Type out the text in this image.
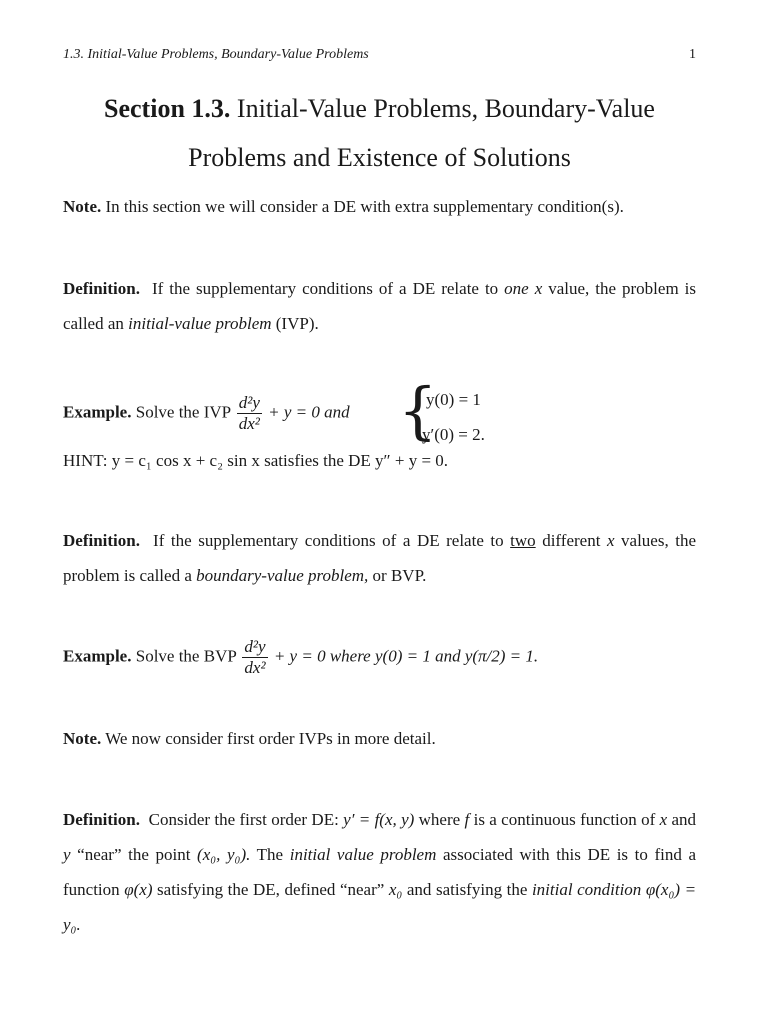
1.3. Initial-Value Problems, Boundary-Value Problems	1
Section 1.3. Initial-Value Problems, Boundary-Value
Problems and Existence of Solutions
Note. In this section we will consider a DE with extra supplementary condition(s).
Definition. If the supplementary conditions of a DE relate to one x value, the problem is called an initial-value problem (IVP).
Example. Solve the IVP $\frac{\text{d²y}}{\text{dx²}} + y = 0$ and {
y(0) = 1
y′(0) = 2.
HINT: y = c₁ cos x + c₂ sin x satisfies the DE y″ + y = 0.
Definition. If the supplementary conditions of a DE relate to two different x values, the problem is called a boundary-value problem, or BVP.
Example. Solve the BVP $\frac{\text{d²y}}{\text{dx²}} + y = 0$ where y(0) = 1 and y(π/2) = 1.
Note. We now consider first order IVPs in more detail.
Definition. Consider the first order DE: y′ = f(x, y) where f is a continuous function of x and y “near” the point (x₀, y₀). The initial value problem associated with this DE is to find a function φ(x) satisfying the DE, defined “near” x₀ and satisfying the initial condition φ(x₀) = y₀.
